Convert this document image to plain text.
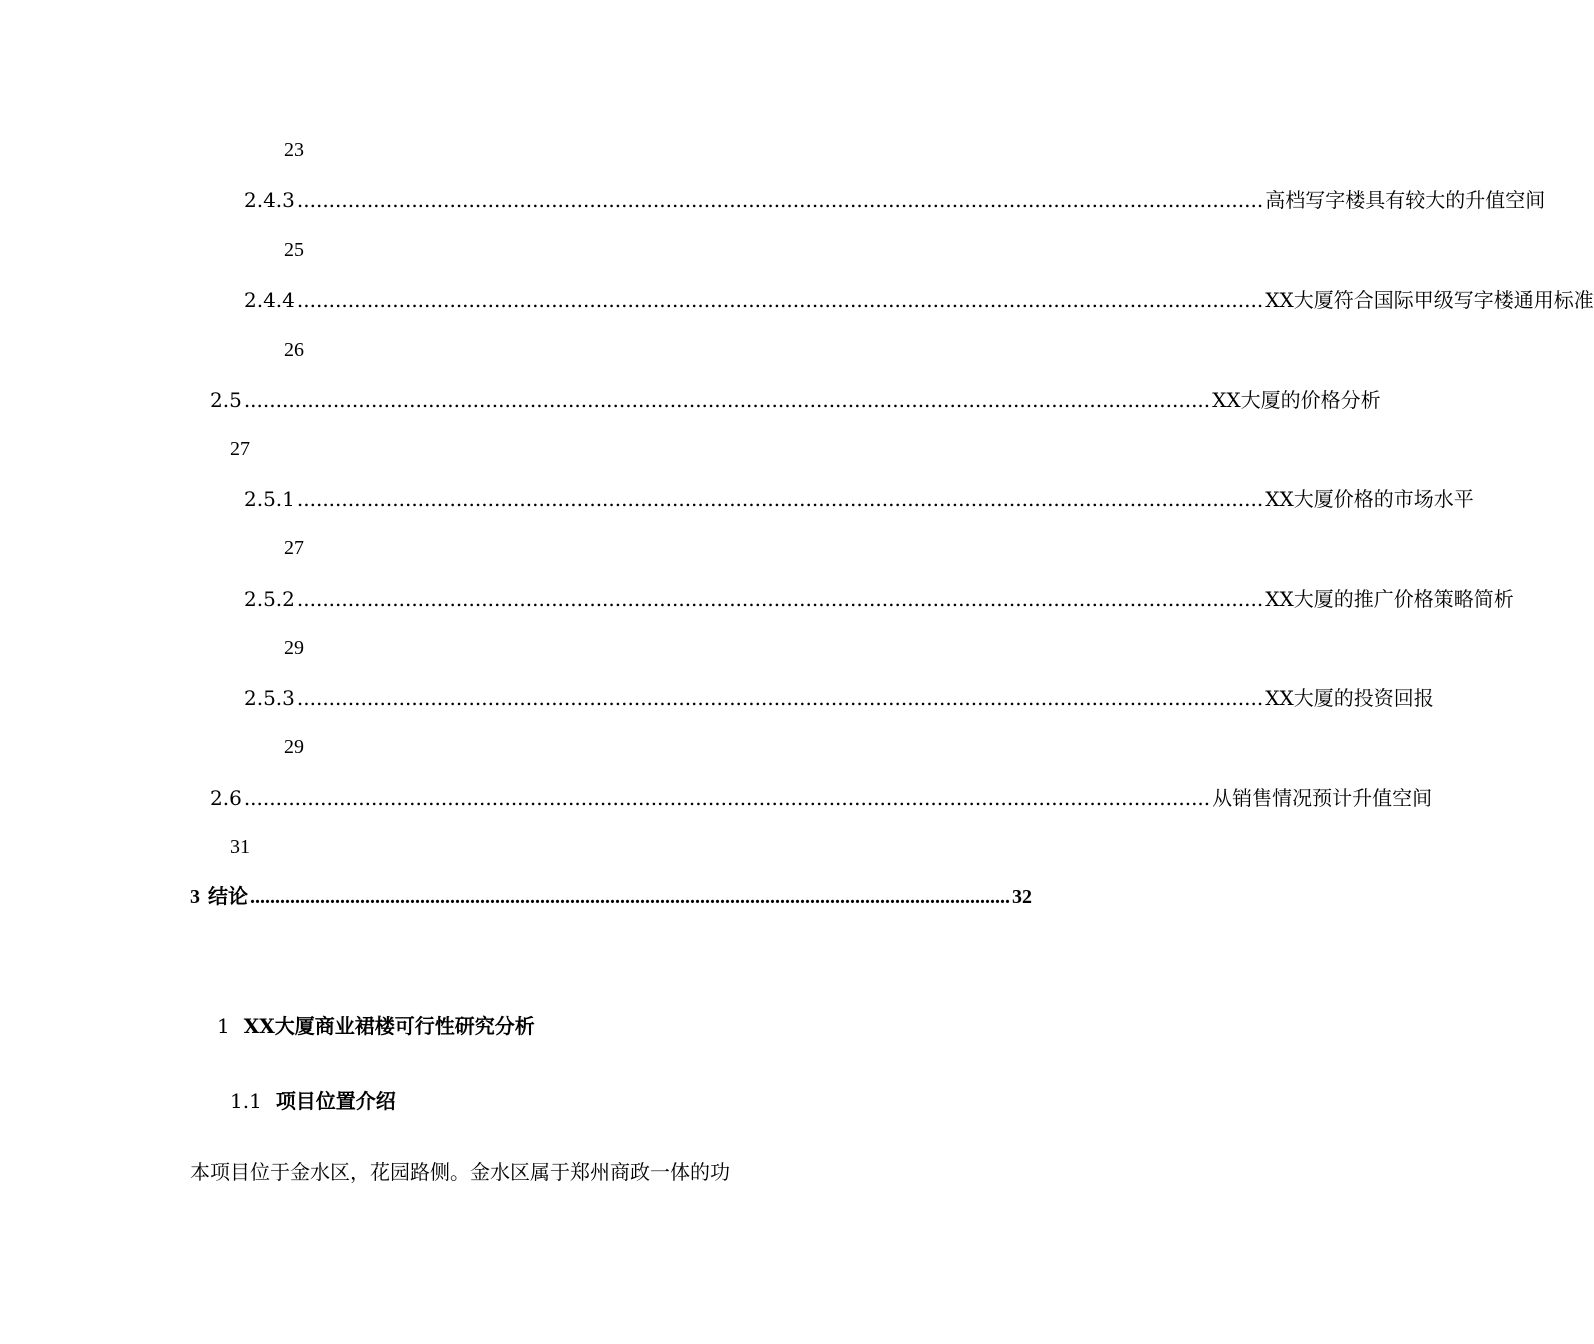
23
2.4.3 ........................................................................................................................................................ 高档写字楼具有较大的升值空间
25
2.4.4 ........................................................................................................................................................ XX大厦符合国际甲级写字楼通用标准
26
2.5 ........................................................................................................................................................ XX大厦的价格分析
27
2.5.1 ........................................................................................................................................................ XX大厦价格的市场水平
27
2.5.2 ........................................................................................................................................................ XX大厦的推广价格策略简析
29
2.5.3 ........................................................................................................................................................ XX大厦的投资回报
29
2.6 ........................................................................................................................................................ 从销售情况预计升值空间
31
3 结论 ........................................................................................................................................................ 32
1 XX大厦商业裙楼可行性研究分析
1.1 项目位置介绍
本项目位于金水区，花园路侧。金水区属于郑州商政一体的功
